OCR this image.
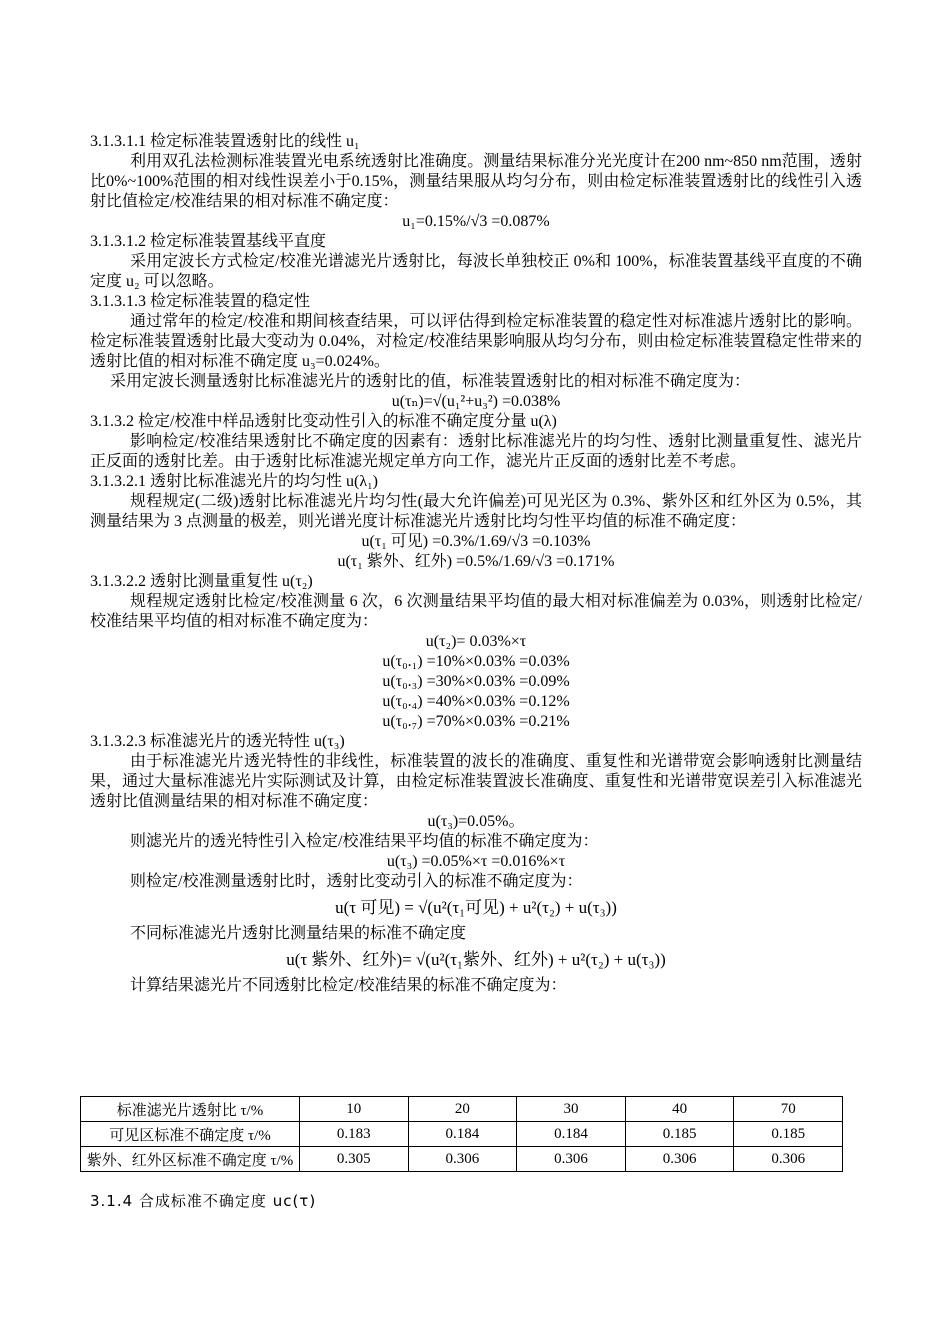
3.1.3.1.1 检定标准装置透射比的线性 u₁
利用双孔法检测标准装置光电系统透射比准确度。测量结果标准分光光度计在200 nm~850 nm范围，透射比0%~100%范围的相对线性误差小于0.15%，测量结果服从均匀分布，则由检定标准装置透射比的线性引入透射比值检定/校准结果的相对标准不确定度：
u₁=0.15%/√3 =0.087%
3.1.3.1.2 检定标准装置基线平直度
采用定波长方式检定/校准光谱滤光片透射比，每波长单独校正 0%和 100%，标准装置基线平直度的不确定度 u₂ 可以忽略。
3.1.3.1.3 检定标准装置的稳定性
通过常年的检定/校准和期间核查结果，可以评估得到检定标准装置的稳定性对标准滤片透射比的影响。检定标准装置透射比最大变动为 0.04%，对检定/校准结果影响服从均匀分布，则由检定标准装置稳定性带来的透射比值的相对标准不确定度 u₃=0.024%。
采用定波长测量透射比标准滤光片的透射比的值，标准装置透射比的相对标准不确定度为：
u(τₙ)=√(u₁²+u₃²) =0.038%
3.1.3.2 检定/校准中样品透射比变动性引入的标准不确定度分量 u(λ)
影响检定/校准结果透射比不确定度的因素有：透射比标准滤光片的均匀性、透射比测量重复性、滤光片正反面的透射比差。由于透射比标准滤光规定单方向工作，滤光片正反面的透射比差不考虑。
3.1.3.2.1 透射比标准滤光片的均匀性 u(λ₁)
规程规定(二级)透射比标准滤光片均匀性(最大允许偏差)可见光区为 0.3%、紫外区和红外区为 0.5%，其测量结果为 3 点测量的极差，则光谱光度计标准滤光片透射比均匀性平均值的标准不确定度：
u(τ₁ 可见) =0.3%/1.69/√3 =0.103%
u(τ₁ 紫外、红外) =0.5%/1.69/√3 =0.171%
3.1.3.2.2 透射比测量重复性 u(τ₂)
规程规定透射比检定/校准测量 6 次，6 次测量结果平均值的最大相对标准偏差为 0.03%，则透射比检定/校准结果平均值的相对标准不确定度为：
u(τ₂)= 0.03%×τ
u(τ₀.₁) =10%×0.03% =0.03%
u(τ₀.₃) =30%×0.03% =0.09%
u(τ₀.₄) =40%×0.03% =0.12%
u(τ₀.₇) =70%×0.03% =0.21%
3.1.3.2.3 标准滤光片的透光特性 u(τ₃)
由于标准滤光片透光特性的非线性，标准装置的波长的准确度、重复性和光谱带宽会影响透射比测量结果，通过大量标准滤光片实际测试及计算，由检定标准装置波长准确度、重复性和光谱带宽误差引入标准滤光透射比值测量结果的相对标准不确定度：
u(τ₃)=0.05%。
则滤光片的透光特性引入检定/校准结果平均值的标准不确定度为：
u(τ₃) =0.05%×τ =0.016%×τ
则检定/校准测量透射比时，透射比变动引入的标准不确定度为：
u(τ 可见) = √(u²(τ₁可见) + u²(τ₂) + u(τ₃))
不同标准滤光片透射比测量结果的标准不确定度
u(τ 紫外、红外)= √(u²(τ₁紫外、红外) + u²(τ₂) + u(τ₃))
计算结果滤光片不同透射比检定/校准结果的标准不确定度为：
标准滤光片透射比 τ/%	10	20	30	40	70
可见区标准不确定度 τ/%	0.183	0.184	0.184	0.185	0.185
紫外、红外区标准不确定度 τ/%	0.305	0.306	0.306	0.306	0.306
3.1.4 合成标准不确定度 uc(τ)
